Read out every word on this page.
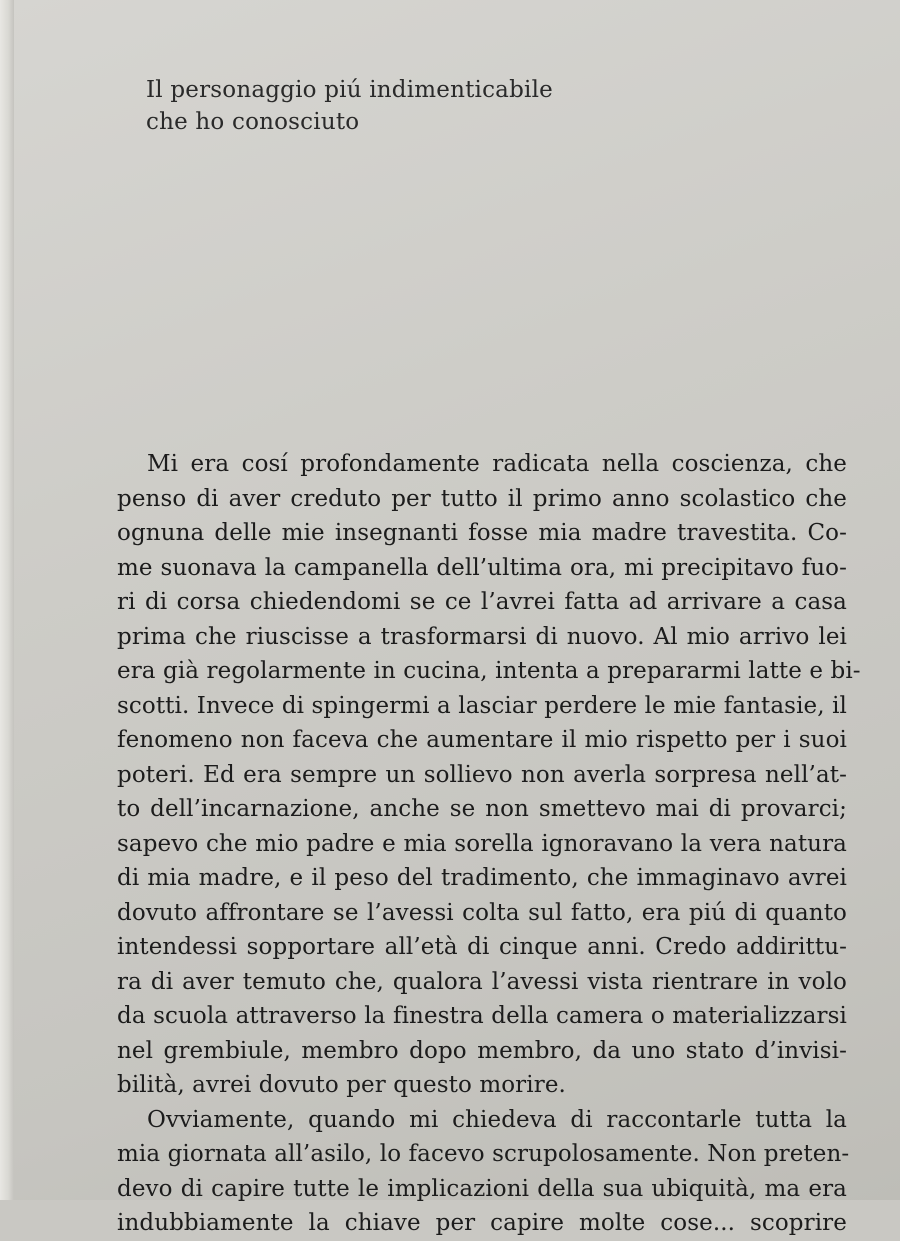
Il personaggio piú indimenticabile
che ho conosciuto
Mi era cosí profondamente radicata nella coscienza, che
penso di aver creduto per tutto il primo anno scolastico che
ognuna delle mie insegnanti fosse mia madre travestita. Co-
me suonava la campanella dell’ultima ora, mi precipitavo fuo-
ri di corsa chiedendomi se ce l’avrei fatta ad arrivare a casa
prima che riuscisse a trasformarsi di nuovo. Al mio arrivo lei
era già regolarmente in cucina, intenta a prepararmi latte e bi-
scotti. Invece di spingermi a lasciar perdere le mie fantasie, il
fenomeno non faceva che aumentare il mio rispetto per i suoi
poteri. Ed era sempre un sollievo non averla sorpresa nell’at-
to dell’incarnazione, anche se non smettevo mai di provarci;
sapevo che mio padre e mia sorella ignoravano la vera natura
di mia madre, e il peso del tradimento, che immaginavo avrei
dovuto affrontare se l’avessi colta sul fatto, era piú di quanto
intendessi sopportare all’età di cinque anni. Credo addirittu-
ra di aver temuto che, qualora l’avessi vista rientrare in volo
da scuola attraverso la finestra della camera o materializzarsi
nel grembiule, membro dopo membro, da uno stato d’invisi-
bilità, avrei dovuto per questo morire.
Ovviamente, quando mi chiedeva di raccontarle tutta la
mia giornata all’asilo, lo facevo scrupolosamente. Non preten-
devo di capire tutte le implicazioni della sua ubiquità, ma era
indubbiamente la chiave per capire molte cose... scoprire
